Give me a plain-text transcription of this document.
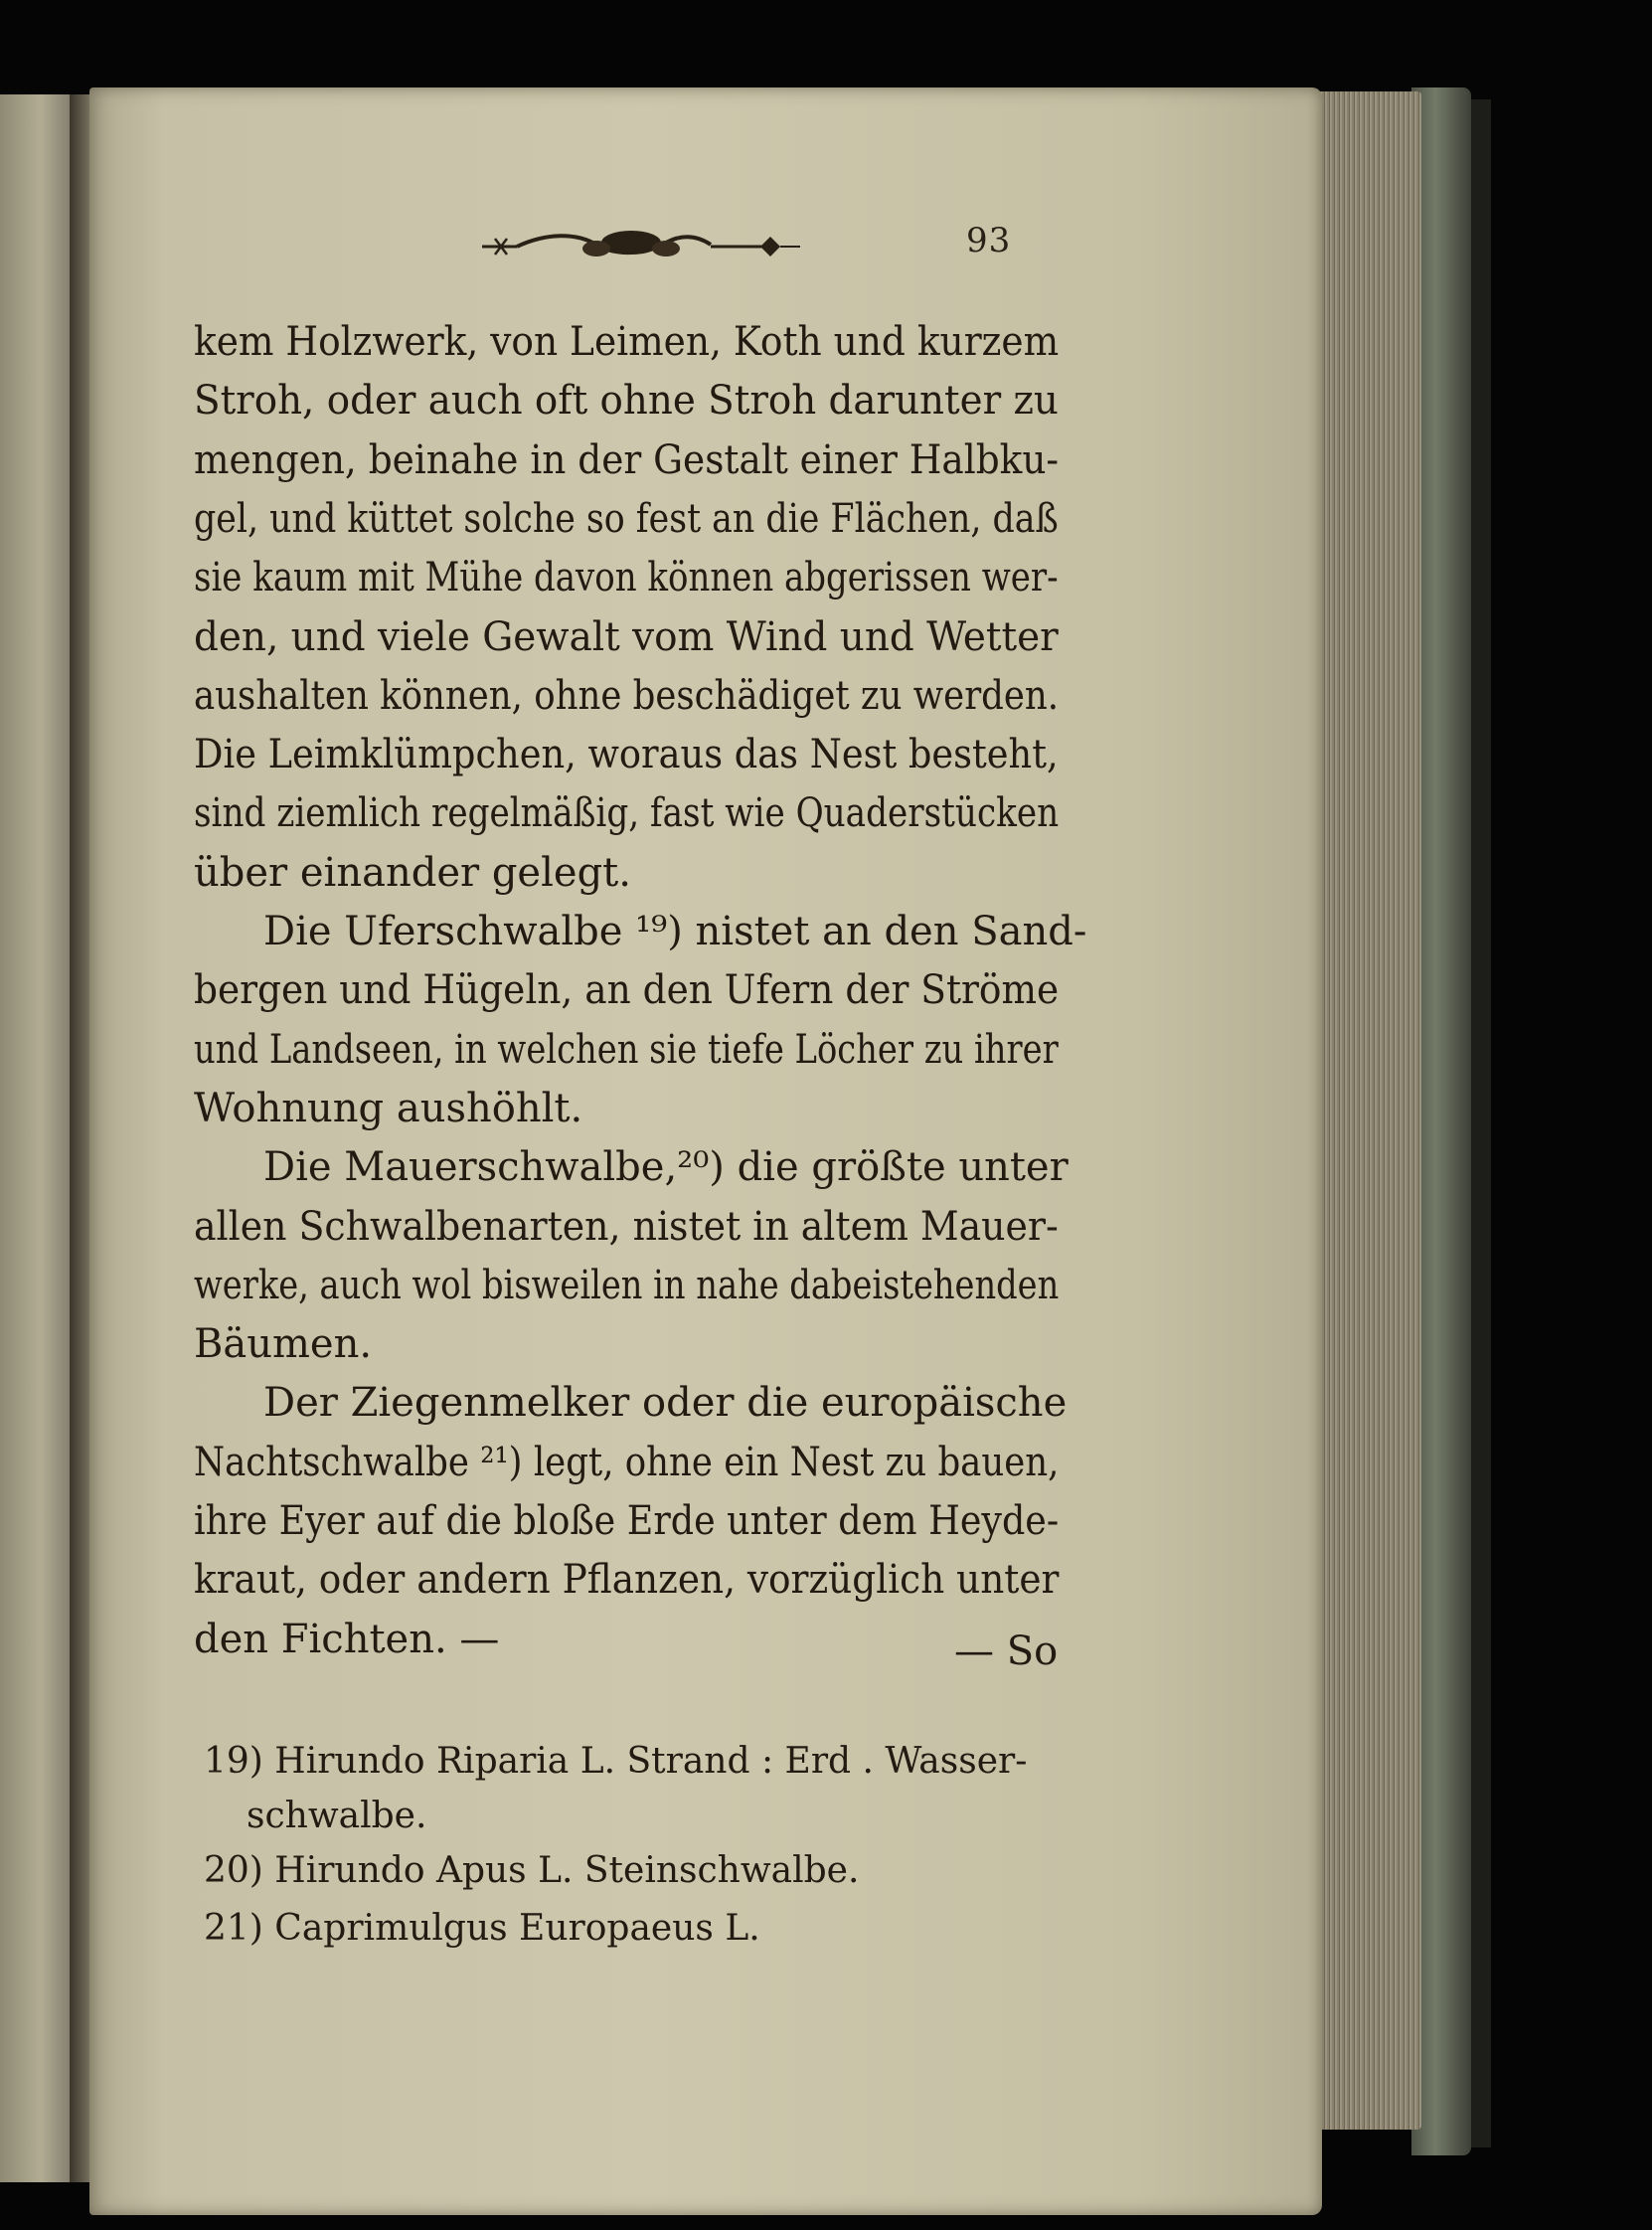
93
kem Holzwerk, von Leimen, Koth und kurzem
Stroh, oder auch oft ohne Stroh darunter zu
mengen, beinahe in der Gestalt einer Halbku-
gel, und küttet solche so fest an die Flächen, daß
sie kaum mit Mühe davon können abgerissen wer-
den, und viele Gewalt vom Wind und Wetter
aushalten können, ohne beschädiget zu werden.
Die Leimklümpchen, woraus das Nest besteht,
sind ziemlich regelmäßig, fast wie Quaderstücken
über einander gelegt.
Die Uferschwalbe ¹⁹) nistet an den Sand-
bergen und Hügeln, an den Ufern der Ströme
und Landseen, in welchen sie tiefe Löcher zu ihrer
Wohnung aushöhlt.
Die Mauerschwalbe,²⁰) die größte unter
allen Schwalbenarten, nistet in altem Mauer-
werke, auch wol bisweilen in nahe dabeistehenden
Bäumen.
Der Ziegenmelker oder die europäische
Nachtschwalbe ²¹) legt, ohne ein Nest zu bauen,
ihre Eyer auf die bloße Erde unter dem Heyde-
kraut, oder andern Pflanzen, vorzüglich unter
den Fichten. —	— So
19) Hirundo Riparia L. Strand : Erd . Wasser-
schwalbe.
20) Hirundo Apus L. Steinschwalbe.
21) Caprimulgus Europaeus L.
